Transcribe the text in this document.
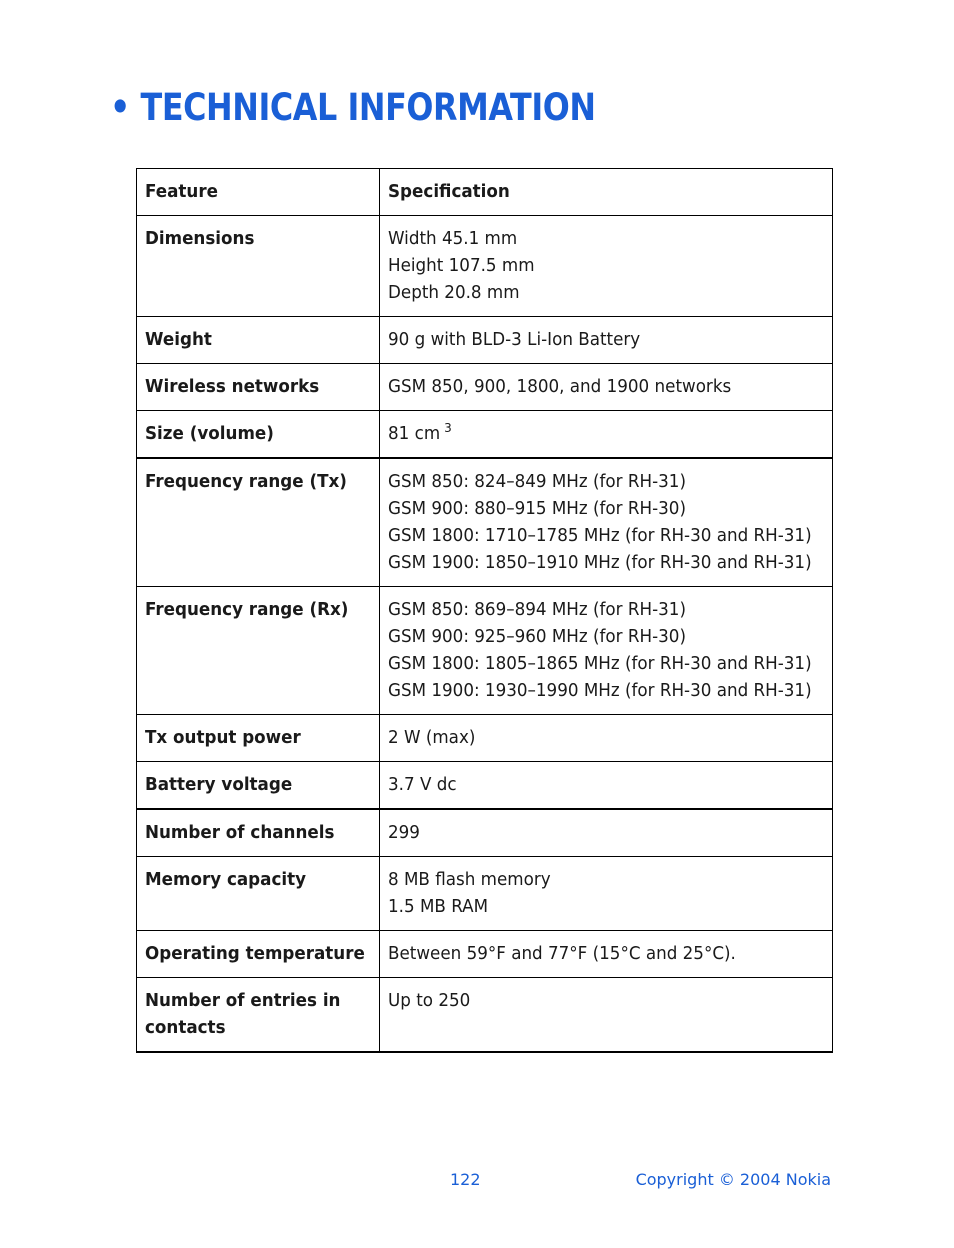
• TECHNICAL INFORMATION
Feature	Specification
Dimensions	Width 45.1 mm
Height 107.5 mm
Depth 20.8 mm

Weight	90 g with BLD-3 Li-Ion Battery

Wireless networks	GSM 850, 900, 1800, and 1900 networks

Size (volume)	81 cm $^3$

Frequency range (Tx)	GSM 850: 824–849 MHz (for RH-31)
GSM 900: 880–915 MHz (for RH-30)
GSM 1800: 1710–1785 MHz (for RH-30 and RH-31)
GSM 1900: 1850–1910 MHz (for RH-30 and RH-31)

Frequency range (Rx)	GSM 850: 869–894 MHz (for RH-31)
GSM 900: 925–960 MHz (for RH-30)
GSM 1800: 1805–1865 MHz (for RH-30 and RH-31)
GSM 1900: 1930–1990 MHz (for RH-30 and RH-31)

Tx output power	2 W (max)

Battery voltage	3.7 V dc

Number of channels	299

Memory capacity	8 MB flash memory
1.5 MB RAM

Operating temperature	Between 59°F and 77°F (15°C and 25°C).

Number of entries in
contacts	Up to 250
122	Copyright © 2004 Nokia
